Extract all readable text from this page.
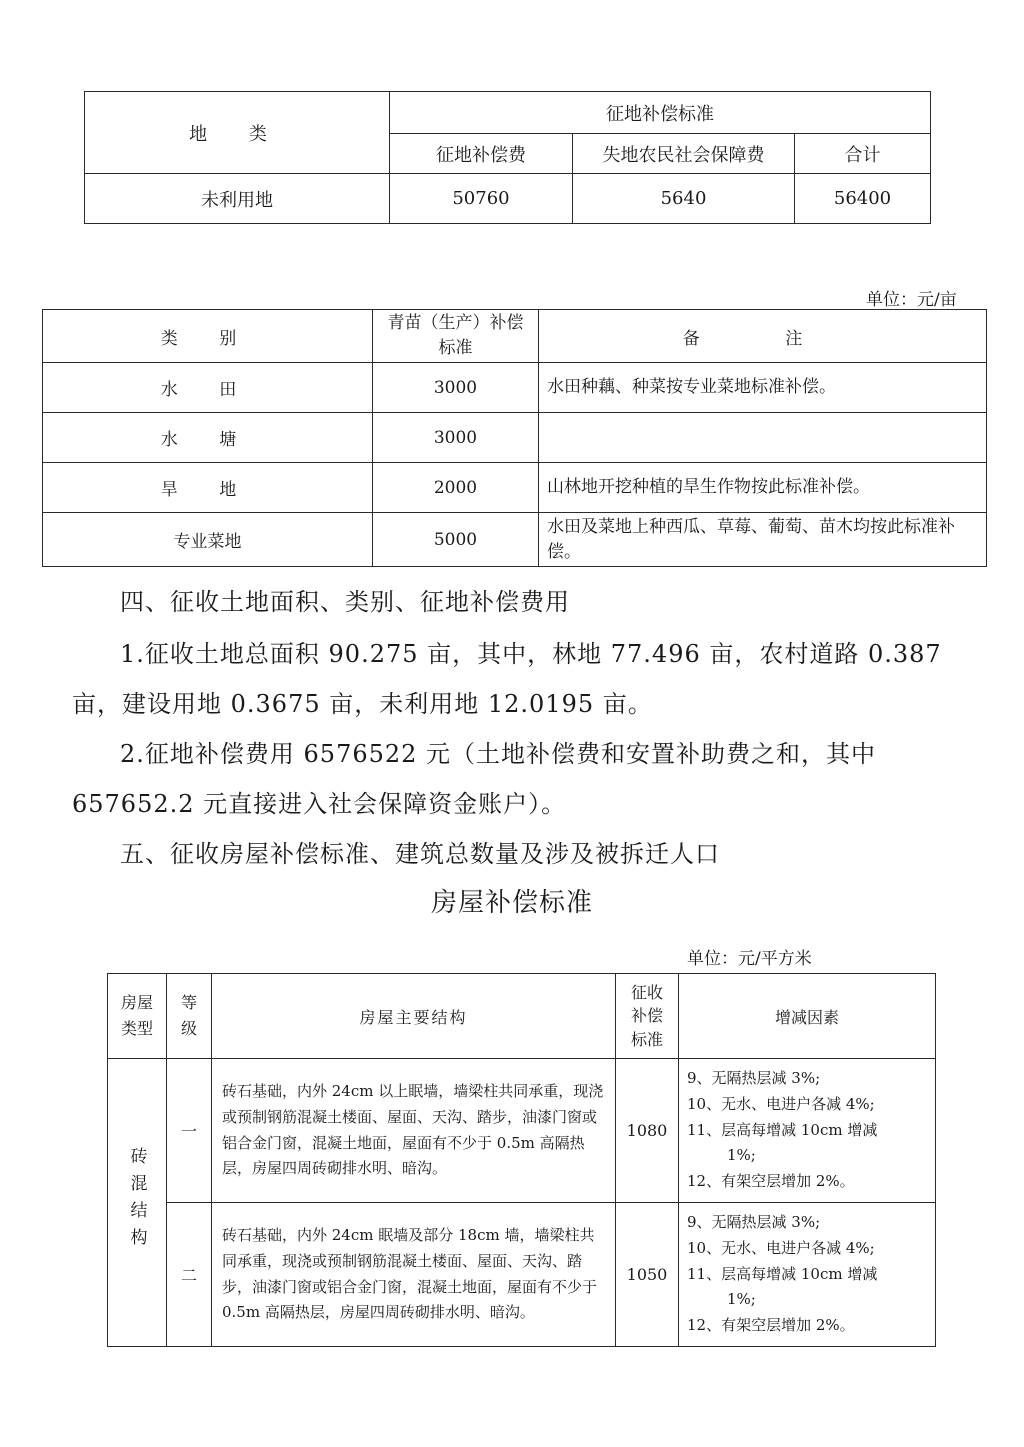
地 类	征地补偿标准		
	征地补偿费	失地农民社会保障费	合计
未利用地	50760	5640	56400
单位：元/亩
类 别	青苗（生产）补偿标准	备 注
水 田	3000	水田种藕、种菜按专业菜地标准补偿。
水 塘	3000	
旱 地	2000	山林地开挖种植的旱生作物按此标准补偿。
专业菜地	5000	水田及菜地上种西瓜、草莓、葡萄、苗木均按此标准补偿。
四、征收土地面积、类别、征地补偿费用
1.征收土地总面积 90.275 亩，其中，林地 77.496 亩，农村道路 0.387
亩，建设用地 0.3675 亩，未利用地 12.0195 亩。
2.征地补偿费用 6576522 元（土地补偿费和安置补助费之和，其中
657652.2 元直接进入社会保障资金账户）。
五、征收房屋补偿标准、建筑总数量及涉及被拆迁人口
房屋补偿标准
单位：元/平方米
房屋类型	等级	房屋主要结构	征收补偿标准	增减因素
砖混结构	一	砖石基础，内外 24cm 以上眠墙，墙梁柱共同承重，现浇或预制钢筋混凝土楼面、屋面、天沟、踏步，油漆门窗或铝合金门窗，混凝土地面，屋面有不少于 0.5m 高隔热层，房屋四周砖砌排水明、暗沟。	1080	9、无隔热层减 3%;
10、无水、电进户各减 4%;
11、层高每增减 10cm 增减
1%;
12、有架空层增加 2%。

	二	砖石基础，内外 24cm 眠墙及部分 18cm 墙，墙梁柱共同承重，现浇或预制钢筋混凝土楼面、屋面、天沟、踏步，油漆门窗或铝合金门窗，混凝土地面，屋面有不少于 0.5m 高隔热层，房屋四周砖砌排水明、暗沟。	1050	9、无隔热层减 3%;
10、无水、电进户各减 4%;
11、层高每增减 10cm 增减
1%;
12、有架空层增加 2%。
